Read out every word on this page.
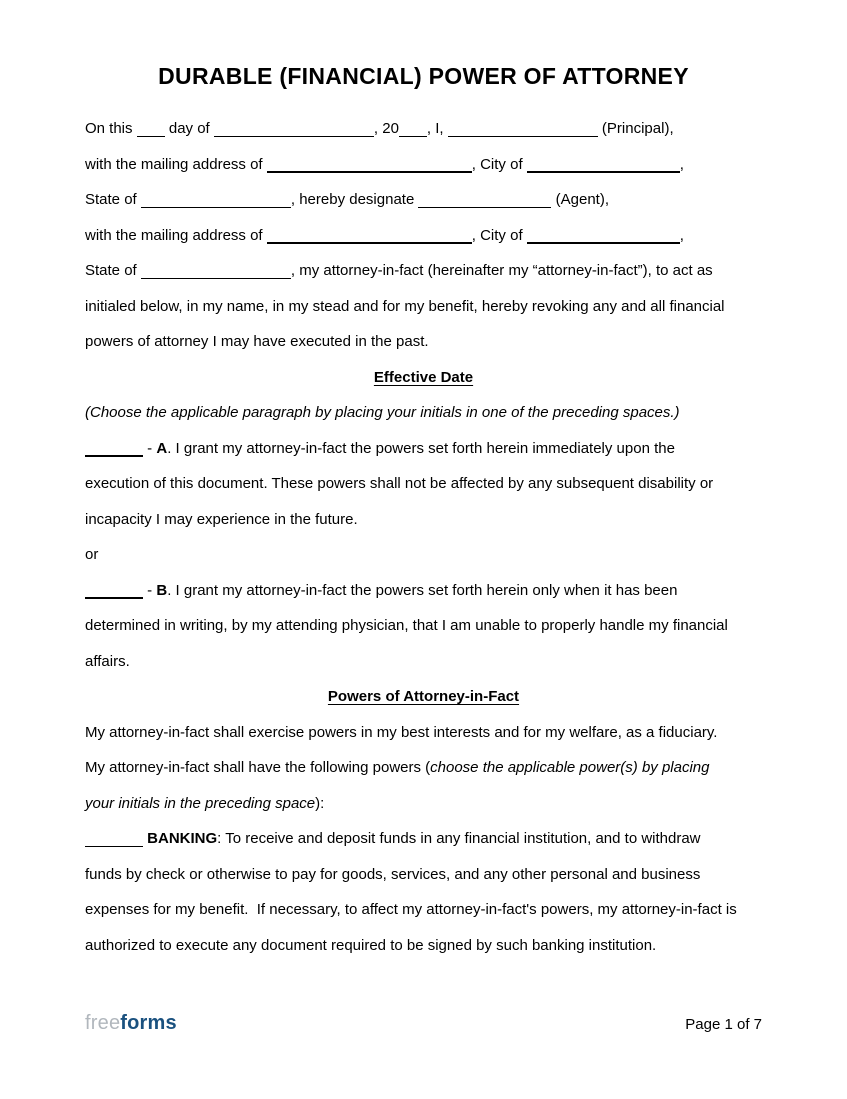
DURABLE (FINANCIAL) POWER OF ATTORNEY
On this  day of	, 20 , I,	(Principal),
with the mailing address of	, City of	,
State of	, hereby designate	(Agent),
with the mailing address of	, City of	,
State of	, my attorney-in-fact (hereinafter my “attorney-in-fact”), to act as
initialed below, in my name, in my stead and for my benefit, hereby revoking any and all financial
powers of attorney I may have executed in the past.
Effective Date
(Choose the applicable paragraph by placing your initials in one of the preceding spaces.)
- A. I grant my attorney-in-fact the powers set forth herein immediately upon the
execution of this document. These powers shall not be affected by any subsequent disability or
incapacity I may experience in the future.
or
- B. I grant my attorney-in-fact the powers set forth herein only when it has been
determined in writing, by my attending physician, that I am unable to properly handle my financial
affairs.
Powers of Attorney-in-Fact
My attorney-in-fact shall exercise powers in my best interests and for my welfare, as a fiduciary.
My attorney-in-fact shall have the following powers (choose the applicable power(s) by placing
your initials in the preceding space):
BANKING: To receive and deposit funds in any financial institution, and to withdraw
funds by check or otherwise to pay for goods, services, and any other personal and business
expenses for my benefit.  If necessary, to affect my attorney-in-fact's powers, my attorney-in-fact is
authorized to execute any document required to be signed by such banking institution.
freeforms	Page 1 of 7
